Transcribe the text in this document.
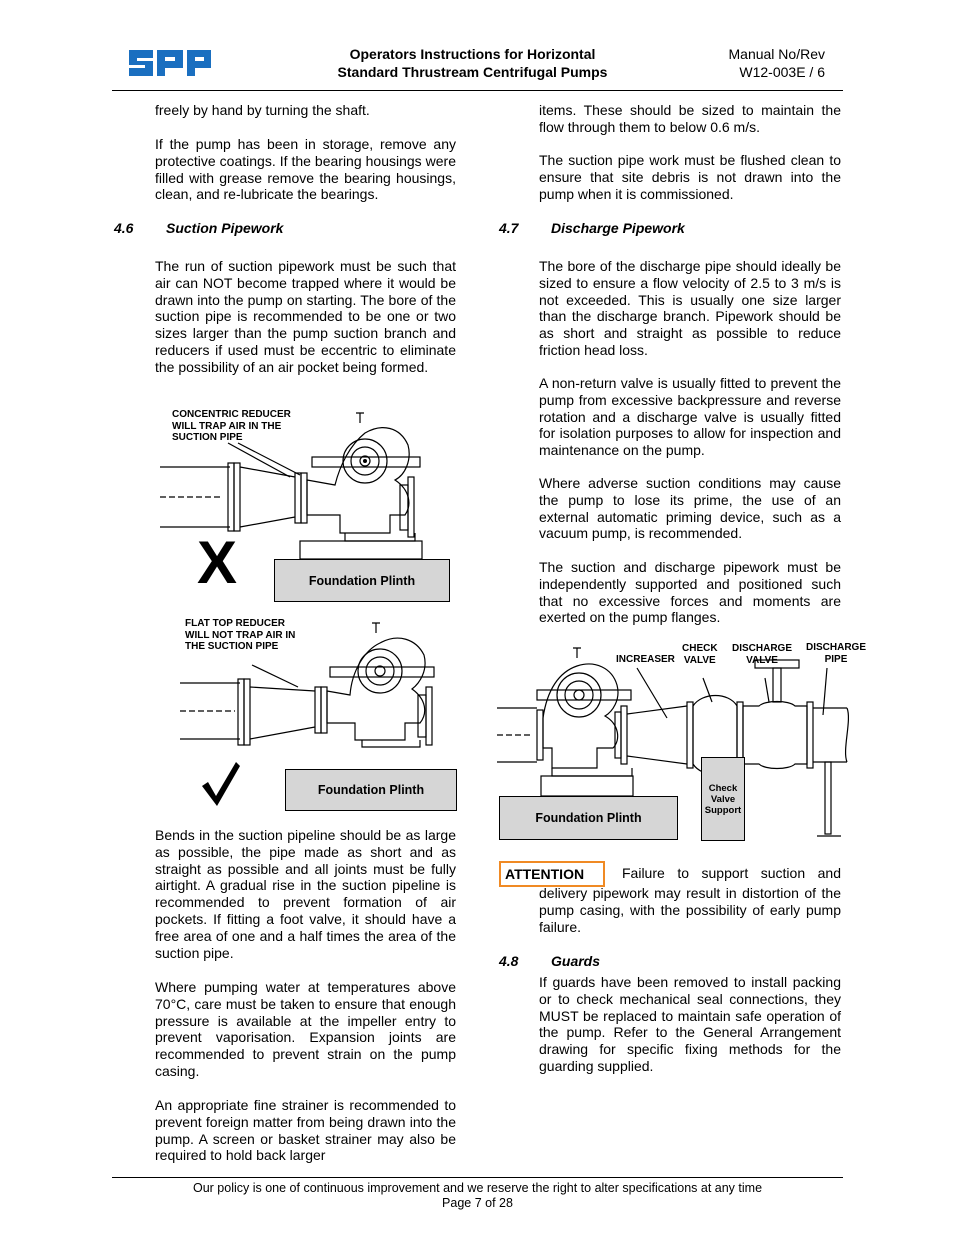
Operators Instructions for Horizontal
Standard Thrustream Centrifugal Pumps
Manual No/Rev
W12-003E / 6
freely by hand by turning the shaft.
If the pump has been in storage, remove any protective coatings. If the bearing housings were filled with grease remove the bearing housings, clean, and re-lubricate the bearings.
4.6 Suction Pipework
The run of suction pipework must be such that air can NOT become trapped where it would be drawn into the pump on starting. The bore of the suction pipe is recommended to be one or two sizes larger than the pump suction branch and reducers if used must be eccentric to eliminate the possibility of an air pocket being formed.
CONCENTRIC REDUCER
WILL TRAP AIR IN THE
SUCTION PIPE
X	Foundation Plinth
FLAT TOP REDUCER
WILL NOT TRAP AIR IN
THE SUCTION PIPE
Foundation Plinth
Bends in the suction pipeline should be as large as possible, the pipe made as short and as straight as possible and all joints must be fully airtight. A gradual rise in the suction pipeline is recommended to prevent formation of air pockets. If fitting a foot valve, it should have a free area of one and a half times the area of the suction pipe.
Where pumping water at temperatures above 70°C, care must be taken to ensure that enough pressure is available at the impeller entry to prevent vaporisation. Expansion joints are recommended to prevent strain on the pump casing.
An appropriate fine strainer is recommended to prevent foreign matter from being drawn into the pump. A screen or basket strainer may also be required to hold back larger
items. These should be sized to maintain the flow through them to below 0.6 m/s.
The suction pipe work must be flushed clean to ensure that site debris is not drawn into the pump when it is commissioned.
4.7 Discharge Pipework
The bore of the discharge pipe should ideally be sized to ensure a flow velocity of 2.5 to 3 m/s is not exceeded. This is usually one size larger than the discharge branch. Pipework should be as short and straight as possible to reduce friction head loss.
A non-return valve is usually fitted to prevent the pump from excessive backpressure and reverse rotation and a discharge valve is usually fitted for isolation purposes to allow for inspection and maintenance on the pump.
Where adverse suction conditions may cause the pump to lose its prime, the use of an external automatic priming device, such as a vacuum pump, is recommended.
The suction and discharge pipework must be independently supported and positioned such that no excessive forces and moments are exerted on the pump flanges.
INCREASER
CHECK
VALVE
DISCHARGE
VALVE
DISCHARGE
PIPE
Foundation Plinth
Check
Valve
Support
ATTENTION	Failure to support suction and
delivery pipework may result in distortion of the pump casing, with the possibility of early pump failure.
4.8 Guards
If guards have been removed to install packing or to check mechanical seal connections, they MUST be replaced to maintain safe operation of the pump. Refer to the General Arrangement drawing for specific fixing methods for the guarding supplied.
Our policy is one of continuous improvement and we reserve the right to alter specifications at any time
Page 7 of 28
